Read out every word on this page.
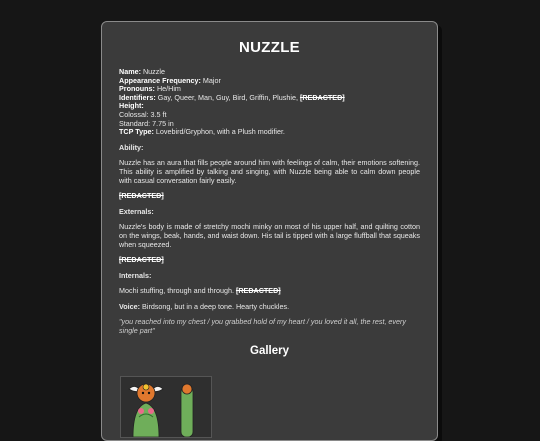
NUZZLE
Name: Nuzzle
Appearance Frequency: Major
Pronouns: He/Him
Identifiers: Gay, Queer, Man, Guy, Bird, Griffin, Plushie, [REDACTED]
Height:
Colossal: 3.5 ft
Standard: 7.75 in
TCP Type: Lovebird/Gryphon, with a Plush modifier.

Ability:

Nuzzle has an aura that fills people around him with feelings of calm, their emotions softening. This ability is amplified by talking and singing, with Nuzzle being able to calm down people with casual conversation fairly easily.

[REDACTED]

Externals:

Nuzzle's body is made of stretchy mochi minky on most of his upper half, and quilting cotton on the wings, beak, hands, and waist down. His tail is tipped with a large fluffball that squeaks when squeezed.

[REDACTED]

Internals:

Mochi stuffing, through and through. [REDACTED]

Voice: Birdsong, but in a deep tone. Hearty chuckles.

"you reached into my chest / you grabbed hold of my heart / you loved it all, the rest, every single part"

Gallery
